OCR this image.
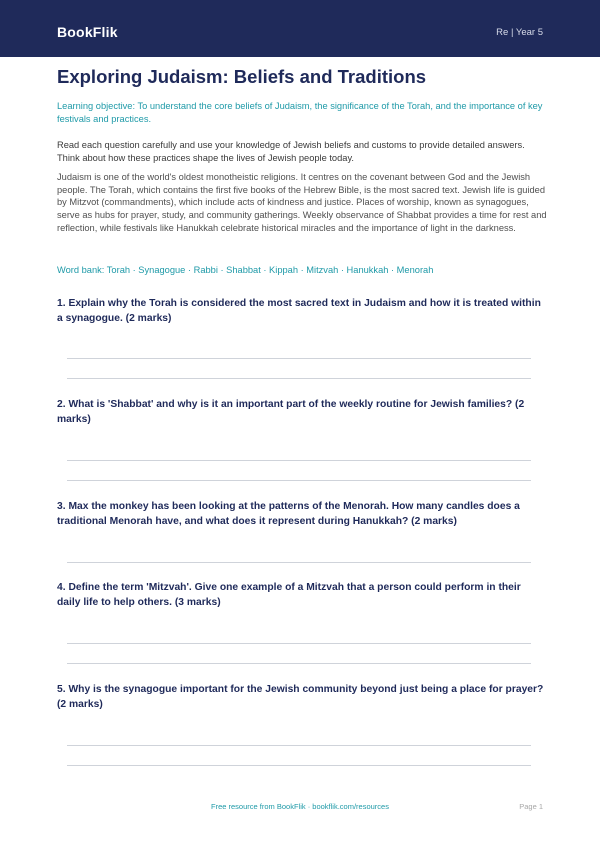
BookFlik	Re | Year 5
Exploring Judaism: Beliefs and Traditions
Learning objective: To understand the core beliefs of Judaism, the significance of the Torah, and the importance of key festivals and practices.
Read each question carefully and use your knowledge of Jewish beliefs and customs to provide detailed answers. Think about how these practices shape the lives of Jewish people today.
Judaism is one of the world's oldest monotheistic religions. It centres on the covenant between God and the Jewish people. The Torah, which contains the first five books of the Hebrew Bible, is the most sacred text. Jewish life is guided by Mitzvot (commandments), which include acts of kindness and justice. Places of worship, known as synagogues, serve as hubs for prayer, study, and community gatherings. Weekly observance of Shabbat provides a time for rest and reflection, while festivals like Hanukkah celebrate historical miracles and the importance of light in the darkness.
Word bank: Torah · Synagogue · Rabbi · Shabbat · Kippah · Mitzvah · Hanukkah · Menorah
1. Explain why the Torah is considered the most sacred text in Judaism and how it is treated within a synagogue. (2 marks)
2. What is 'Shabbat' and why is it an important part of the weekly routine for Jewish families? (2 marks)
3. Max the monkey has been looking at the patterns of the Menorah. How many candles does a traditional Menorah have, and what does it represent during Hanukkah? (2 marks)
4. Define the term 'Mitzvah'. Give one example of a Mitzvah that a person could perform in their daily life to help others. (3 marks)
5. Why is the synagogue important for the Jewish community beyond just being a place for prayer? (2 marks)
Free resource from BookFlik · bookflik.com/resources	Page 1
